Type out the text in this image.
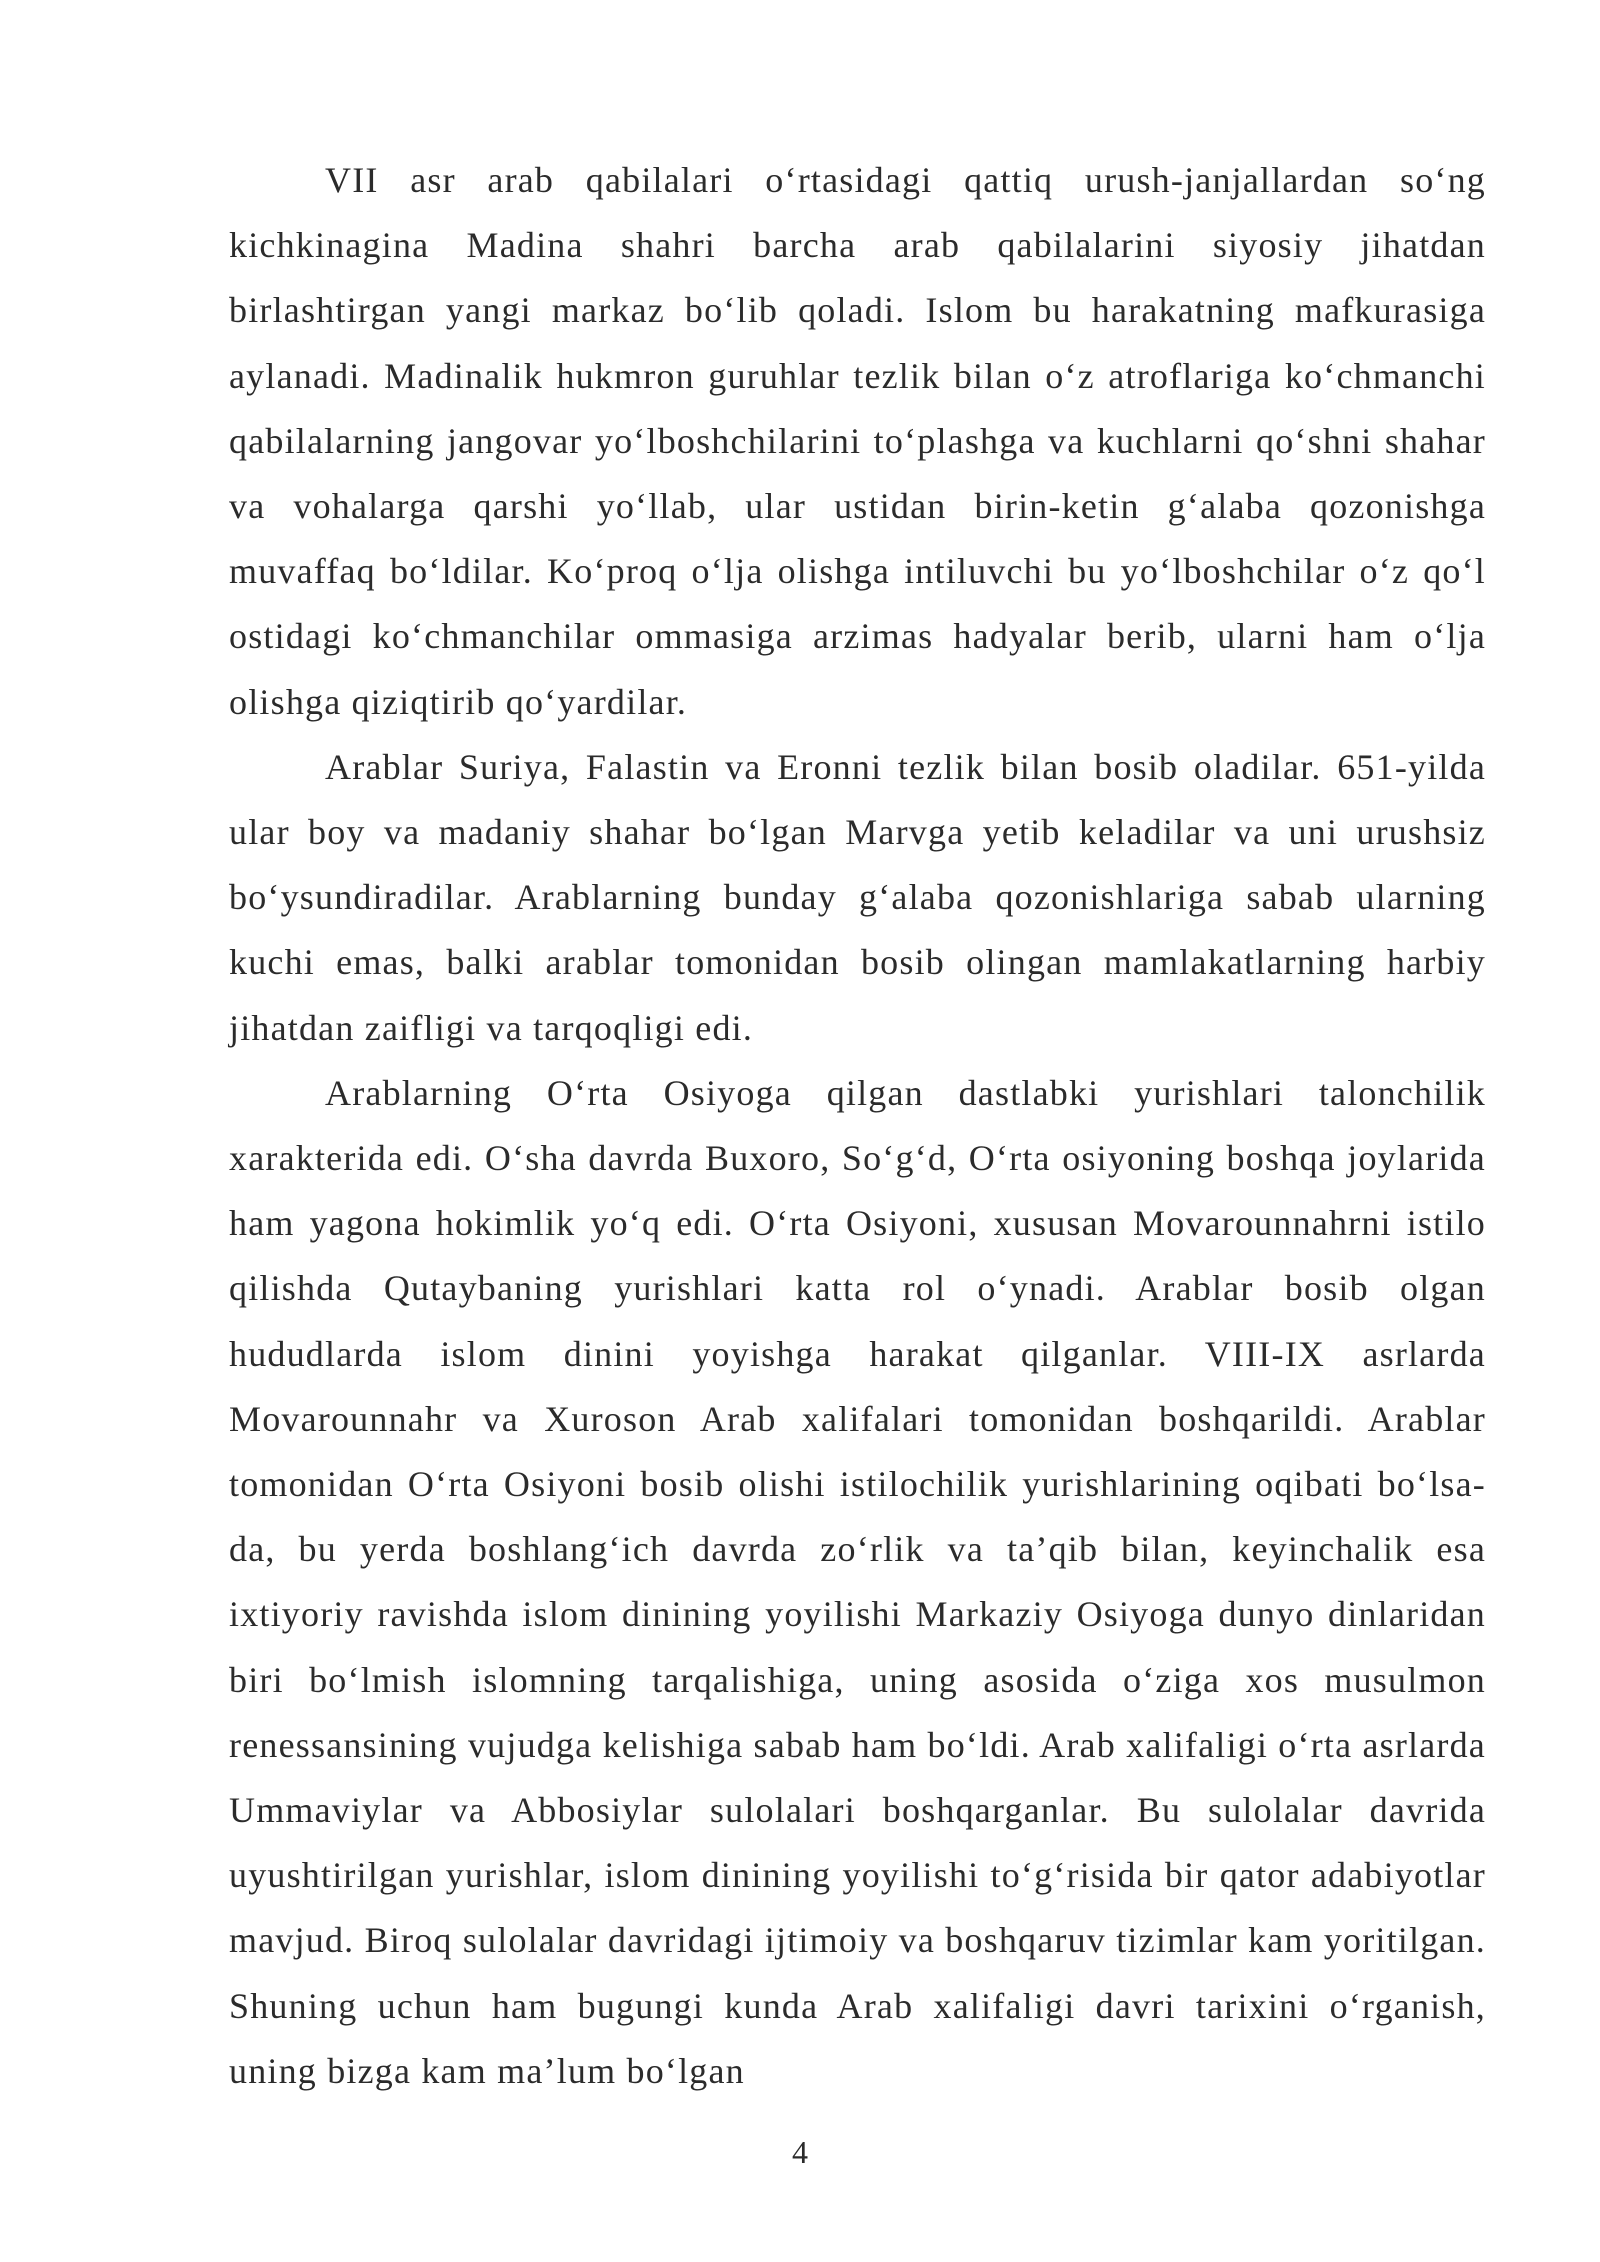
VII asr arab qabilalari o‘rtasidagi qattiq urush-janjallardan so‘ng kichkinagina Madina shahri barcha arab qabilalarini siyosiy jihatdan birlashtirgan yangi markaz bo‘lib qoladi. Islom bu harakatning mafkurasiga aylanadi. Madinalik hukmron guruhlar tezlik bilan o‘z atroflariga ko‘chmanchi qabilalarning jangovar yo‘lboshchilarini to‘plashga va kuchlarni qo‘shni shahar va vohalarga qarshi yo‘llab, ular ustidan birin-ketin g‘alaba qozonishga muvaffaq bo‘ldilar. Ko‘proq o‘lja olishga intiluvchi bu yo‘lboshchilar o‘z qo‘l ostidagi ko‘chmanchilar ommasiga arzimas hadyalar berib, ularni ham o‘lja olishga qiziqtirib qo‘yardilar.

Arablar Suriya, Falastin va Eronni tezlik bilan bosib oladilar. 651-yilda ular boy va madaniy shahar bo‘lgan Marvga yetib keladilar va uni urushsiz bo‘ysundiradilar. Arablarning bunday g‘alaba qozonishlariga sabab ularning kuchi emas, balki arablar tomonidan bosib olingan mamlakatlarning harbiy jihatdan zaifligi va tarqoqligi edi.

Arablarning O‘rta Osiyoga qilgan dastlabki yurishlari talonchilik xarakterida edi. O‘sha davrda Buxoro, So‘g‘d, O‘rta osiyoning boshqa joylarida ham yagona hokimlik yo‘q edi. O‘rta Osiyoni, xususan Movarounnahrni istilo qilishda Qutaybaning yurishlari katta rol o‘ynadi. Arablar bosib olgan hududlarda islom dinini yoyishga harakat qilganlar. VIII-IX asrlarda Movarounnahr va Xuroson Arab xalifalari tomonidan boshqarildi. Arablar tomonidan O‘rta Osiyoni bosib olishi istilochilik yurishlarining oqibati bo‘lsa-da, bu yerda boshlang‘ich davrda zo‘rlik va ta’qib bilan, keyinchalik esa ixtiyoriy ravishda islom dinining yoyilishi Markaziy Osiyoga dunyo dinlaridan biri bo‘lmish islomning tarqalishiga, uning asosida o‘ziga xos musulmon renessansining vujudga kelishiga sabab ham bo‘ldi. Arab xalifaligi o‘rta asrlarda Ummaviylar va Abbosiylar sulolalari boshqarganlar. Bu sulolalar davrida uyushtirilgan yurishlar, islom dinining yoyilishi to‘g‘risida bir qator adabiyotlar mavjud. Biroq sulolalar davridagi ijtimoiy va boshqaruv tizimlar kam yoritilgan. Shuning uchun ham bugungi kunda Arab xalifaligi davri tarixini o‘rganish, uning bizga kam ma’lum bo‘lgan

4
